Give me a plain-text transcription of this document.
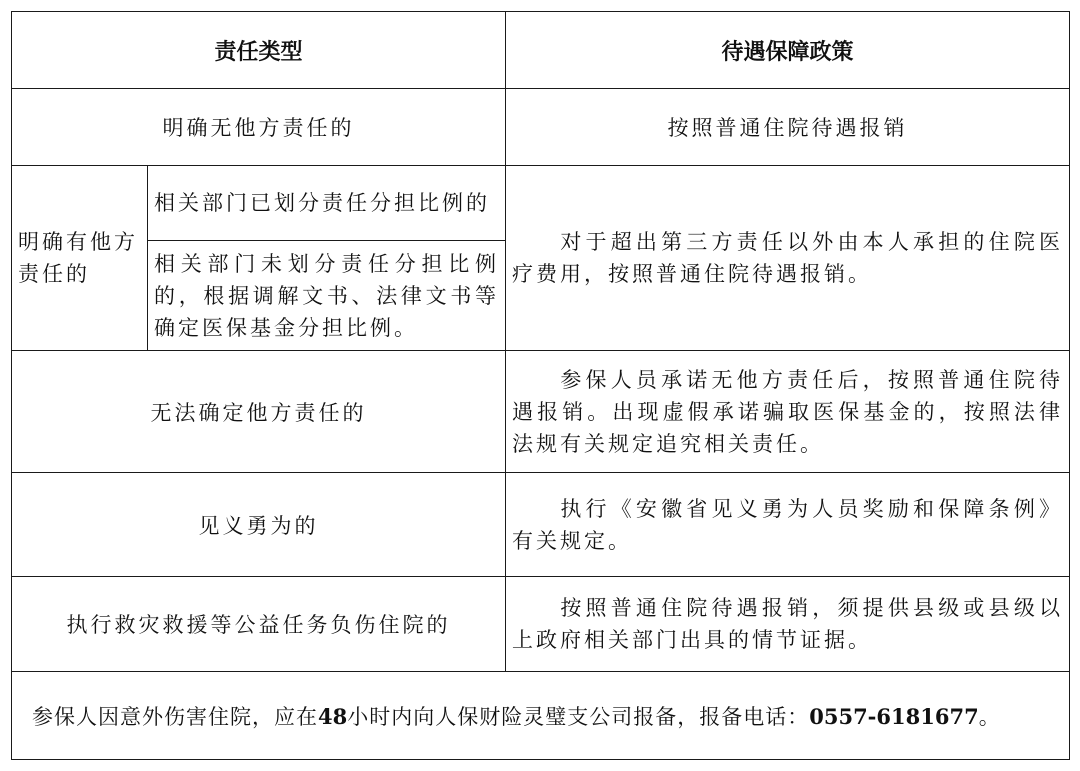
责任类型		待遇保障政策
明确无他方责任的		按照普通住院待遇报销
明确有他方责任的	相关部门已划分责任分担比例的	对于超出第三方责任以外由本人承担的住院医疗费用，按照普通住院待遇报销。
	相关部门未划分责任分担比例的，根据调解文书、法律文书等确定医保基金分担比例。	
无法确定他方责任的		参保人员承诺无他方责任后，按照普通住院待遇报销。出现虚假承诺骗取医保基金的，按照法律法规有关规定追究相关责任。
见义勇为的		执行《安徽省见义勇为人员奖励和保障条例》有关规定。
执行救灾救援等公益任务负伤住院的		按照普通住院待遇报销，须提供县级或县级以上政府相关部门出具的情节证据。
参保人因意外伤害住院，应在48小时内向人保财险灵璧支公司报备，报备电话：0557-6181677。		
